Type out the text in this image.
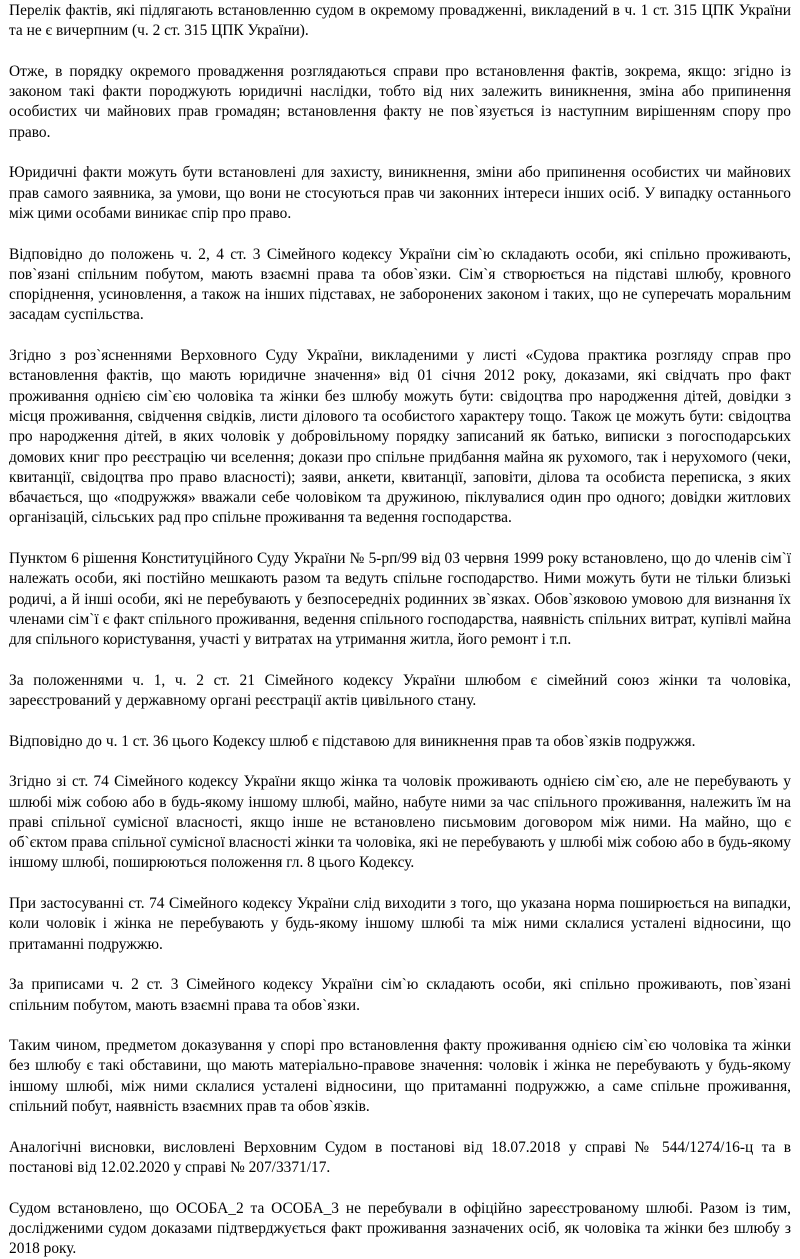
Перелік фактів, які підлягають встановленню судом в окремому провадженні, викладений в ч. 1 ст. 315 ЦПК України та не є вичерпним (ч. 2 ст. 315 ЦПК України).

Отже, в порядку окремого провадження розглядаються справи про встановлення фактів, зокрема, якщо: згідно із законом такі факти породжують юридичні наслідки, тобто від них залежить виникнення, зміна або припинення особистих чи майнових прав громадян; встановлення факту не пов`язується із наступним вирішенням спору про право.

Юридичні факти можуть бути встановлені для захисту, виникнення, зміни або припинення особистих чи майнових прав самого заявника, за умови, що вони не стосуються прав чи законних інтереси інших осіб. У випадку останнього між цими особами виникає спір про право.

Відповідно до положень ч. 2, 4 ст. 3 Сімейного кодексу України сім`ю складають особи, які спільно проживають, пов`язані спільним побутом, мають взаємні права та обов`язки. Сім`я створюється на підставі шлюбу, кровного споріднення, усиновлення, а також на інших підставах, не заборонених законом і таких, що не суперечать моральним засадам суспільства.

Згідно з роз`ясненнями Верховного Суду України, викладеними у листі «Судова практика розгляду справ про встановлення фактів, що мають юридичне значення» від 01 січня 2012 року, доказами, які свідчать про факт проживання однією сім`єю чоловіка та жінки без шлюбу можуть бути: свідоцтва про народження дітей, довідки з місця проживання, свідчення свідків, листи ділового та особистого характеру тощо. Також це можуть бути: свідоцтва про народження дітей, в яких чоловік у добровільному порядку записаний як батько, виписки з погосподарських домових книг про реєстрацію чи вселення; докази про спільне придбання майна як рухомого, так і нерухомого (чеки, квитанції, свідоцтва про право власності); заяви, анкети, квитанції, заповіти, ділова та особиста переписка, з яких вбачається, що «подружжя» вважали себе чоловіком та дружиною, піклувалися один про одного; довідки житлових організацій, сільських рад про спільне проживання та ведення господарства.

Пунктом 6 рішення Конституційного Суду України № 5-рп/99 від 03 червня 1999 року встановлено, що до членів сім`ї належать особи, які постійно мешкають разом та ведуть спільне господарство. Ними можуть бути не тільки близькі родичі, а й інші особи, які не перебувають у безпосередніх родинних зв`язках. Обов`язковою умовою для визнання їх членами сім`ї є факт спільного проживання, ведення спільного господарства, наявність спільних витрат, купівлі майна для спільного користування, участі у витратах на утримання житла, його ремонт і т.п.

За положеннями ч. 1, ч. 2 ст. 21 Сімейного кодексу України шлюбом є сімейний союз жінки та чоловіка, зареєстрований у державному органі реєстрації актів цивільного стану.

Відповідно до ч. 1 ст. 36 цього Кодексу шлюб є підставою для виникнення прав та обов`язків подружжя.

Згідно зі ст. 74 Сімейного кодексу України якщо жінка та чоловік проживають однією сім`єю, але не перебувають у шлюбі між собою або в будь-якому іншому шлюбі, майно, набуте ними за час спільного проживання, належить їм на праві спільної сумісної власності, якщо інше не встановлено письмовим договором між ними. На майно, що є об`єктом права спільної сумісної власності жінки та чоловіка, які не перебувають у шлюбі між собою або в будь-якому іншому шлюбі, поширюються положення гл. 8 цього Кодексу.

При застосуванні ст. 74 Сімейного кодексу України слід виходити з того, що указана норма поширюється на випадки, коли чоловік і жінка не перебувають у будь-якому іншому шлюбі та між ними склалися усталені відносини, що притаманні подружжю.

За приписами ч. 2 ст. 3 Сімейного кодексу України сім`ю складають особи, які спільно проживають, пов`язані спільним побутом, мають взаємні права та обов`язки.

Таким чином, предметом доказування у спорі про встановлення факту проживання однією сім`єю чоловіка та жінки без шлюбу є такі обставини, що мають матеріально-правове значення: чоловік і жінка не перебувають у будь-якому іншому шлюбі, між ними склалися усталені відносини, що притаманні подружжю, а саме спільне проживання, спільний побут, наявність взаємних прав та обов`язків.

Аналогічні висновки, висловлені Верховним Судом в постанові від 18.07.2018 у справі № 544/1274/16-ц та в постанові від 12.02.2020 у справі № 207/3371/17.

Судом встановлено, що ОСОБА_2 та ОСОБА_3 не перебували в офіційно зареєстрованому шлюбі. Разом із тим, дослідженими судом доказами підтверджується факт проживання зазначених осіб, як чоловіка та жінки без шлюбу з 2018 року.
